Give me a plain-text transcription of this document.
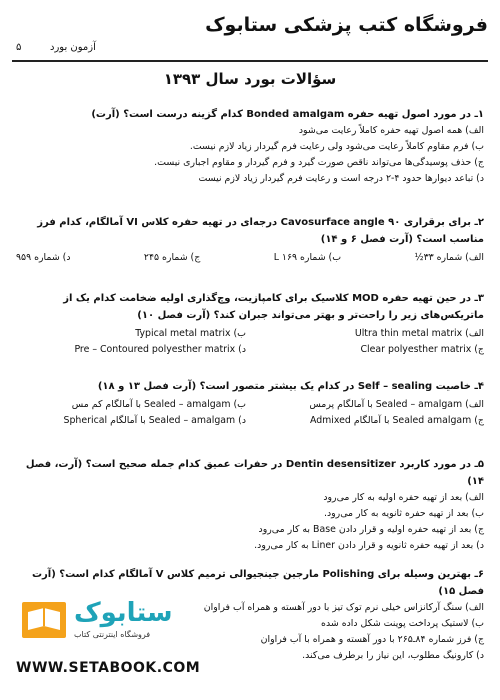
فروشگاه کتب پزشکی ستابوک
آزمون بورد
۵
سؤالات بورد سال ۱۳۹۳
۱ـ در مورد اصول تهیه حفره Bonded amalgam کدام گزینه درست است؟ (آرت)
الف) همه اصول تهیه حفره کاملاً رعایت می‌شود
ب) فرم مقاوم کاملاً رعایت می‌شود ولی رعایت فرم گیردار زیاد لازم نیست.
ج) حذف پوسیدگی‌ها می‌تواند ناقص صورت گیرد و فرم گیردار و مقاوم اجباری نیست.
د) تباعد دیوارها حدود ۴-۲ درجه است و رعایت فرم گیردار زیاد لازم نیست
۲ـ برای برقراری ۹۰ Cavosurface angle درجه‌ای در تهیه حفره کلاس VI آمالگام، کدام فرز مناسب است؟ (آرت فصل ۶ و ۱۴)
الف) شماره ۳۳½
ب) شماره ۱۶۹ L
ج) شماره ۲۴۵
د) شماره ۹۵۹
۳ـ در حین تهیه حفره MOD کلاسیک برای کامپازیت، وچ‌گذاری اولیه ضخامت کدام یک از ماتریکس‌های زیر را راحت‌تر و بهتر می‌تواند جبران کند؟ (آرت فصل ۱۰)
الف) Ultra thin metal matrix
ب) Typical metal matrix
ج) Clear polyesther matrix
د) Pre – Contoured polyesther matrix
۴ـ خاصیت Self – sealing در کدام یک بیشتر متصور است؟ (آرت فصل ۱۳ و ۱۸)
الف) Sealed – amalgam با آمالگام پرمس
ب) Sealed – amalgam با آمالگام کم مس
ج) Sealed amalgam با آمالگام Admixed
د) Sealed – amalgam با آمالگام Spherical
۵ـ در مورد کاربرد Dentin desensitizer در حفرات عمیق کدام جمله صحیح است؟ (آرت، فصل ۱۴)
الف) بعد از تهیه حفره اولیه به کار می‌رود
ب) بعد از تهیه حفره ثانویه به کار می‌رود.
ج) بعد از تهیه حفره اولیه و قرار دادن Base به کار می‌رود
د) بعد از تهیه حفره ثانویه و قرار دادن Liner به کار می‌رود.
۶ـ بهترین وسیله برای Polishing مارجین جینجیوالی ترمیم کلاس V آمالگام کدام است؟ (آرت فصل ۱۵)
الف) سنگ آرکانزاس خیلی نرم توک تیز با دور آهسته و همراه آب فراوان
ب) لاستیک پرداخت پوینت شکل داده شده
ج) فرز شماره ۸۴ـ۲۶۵ با دور آهسته و همراه با آب فراوان
د) کارونیگ مطلوب، این نیاز را برطرف می‌کند.
ستابوک
فروشگاه اینترنتی کتاب
WWW.SETABOOK.COM
